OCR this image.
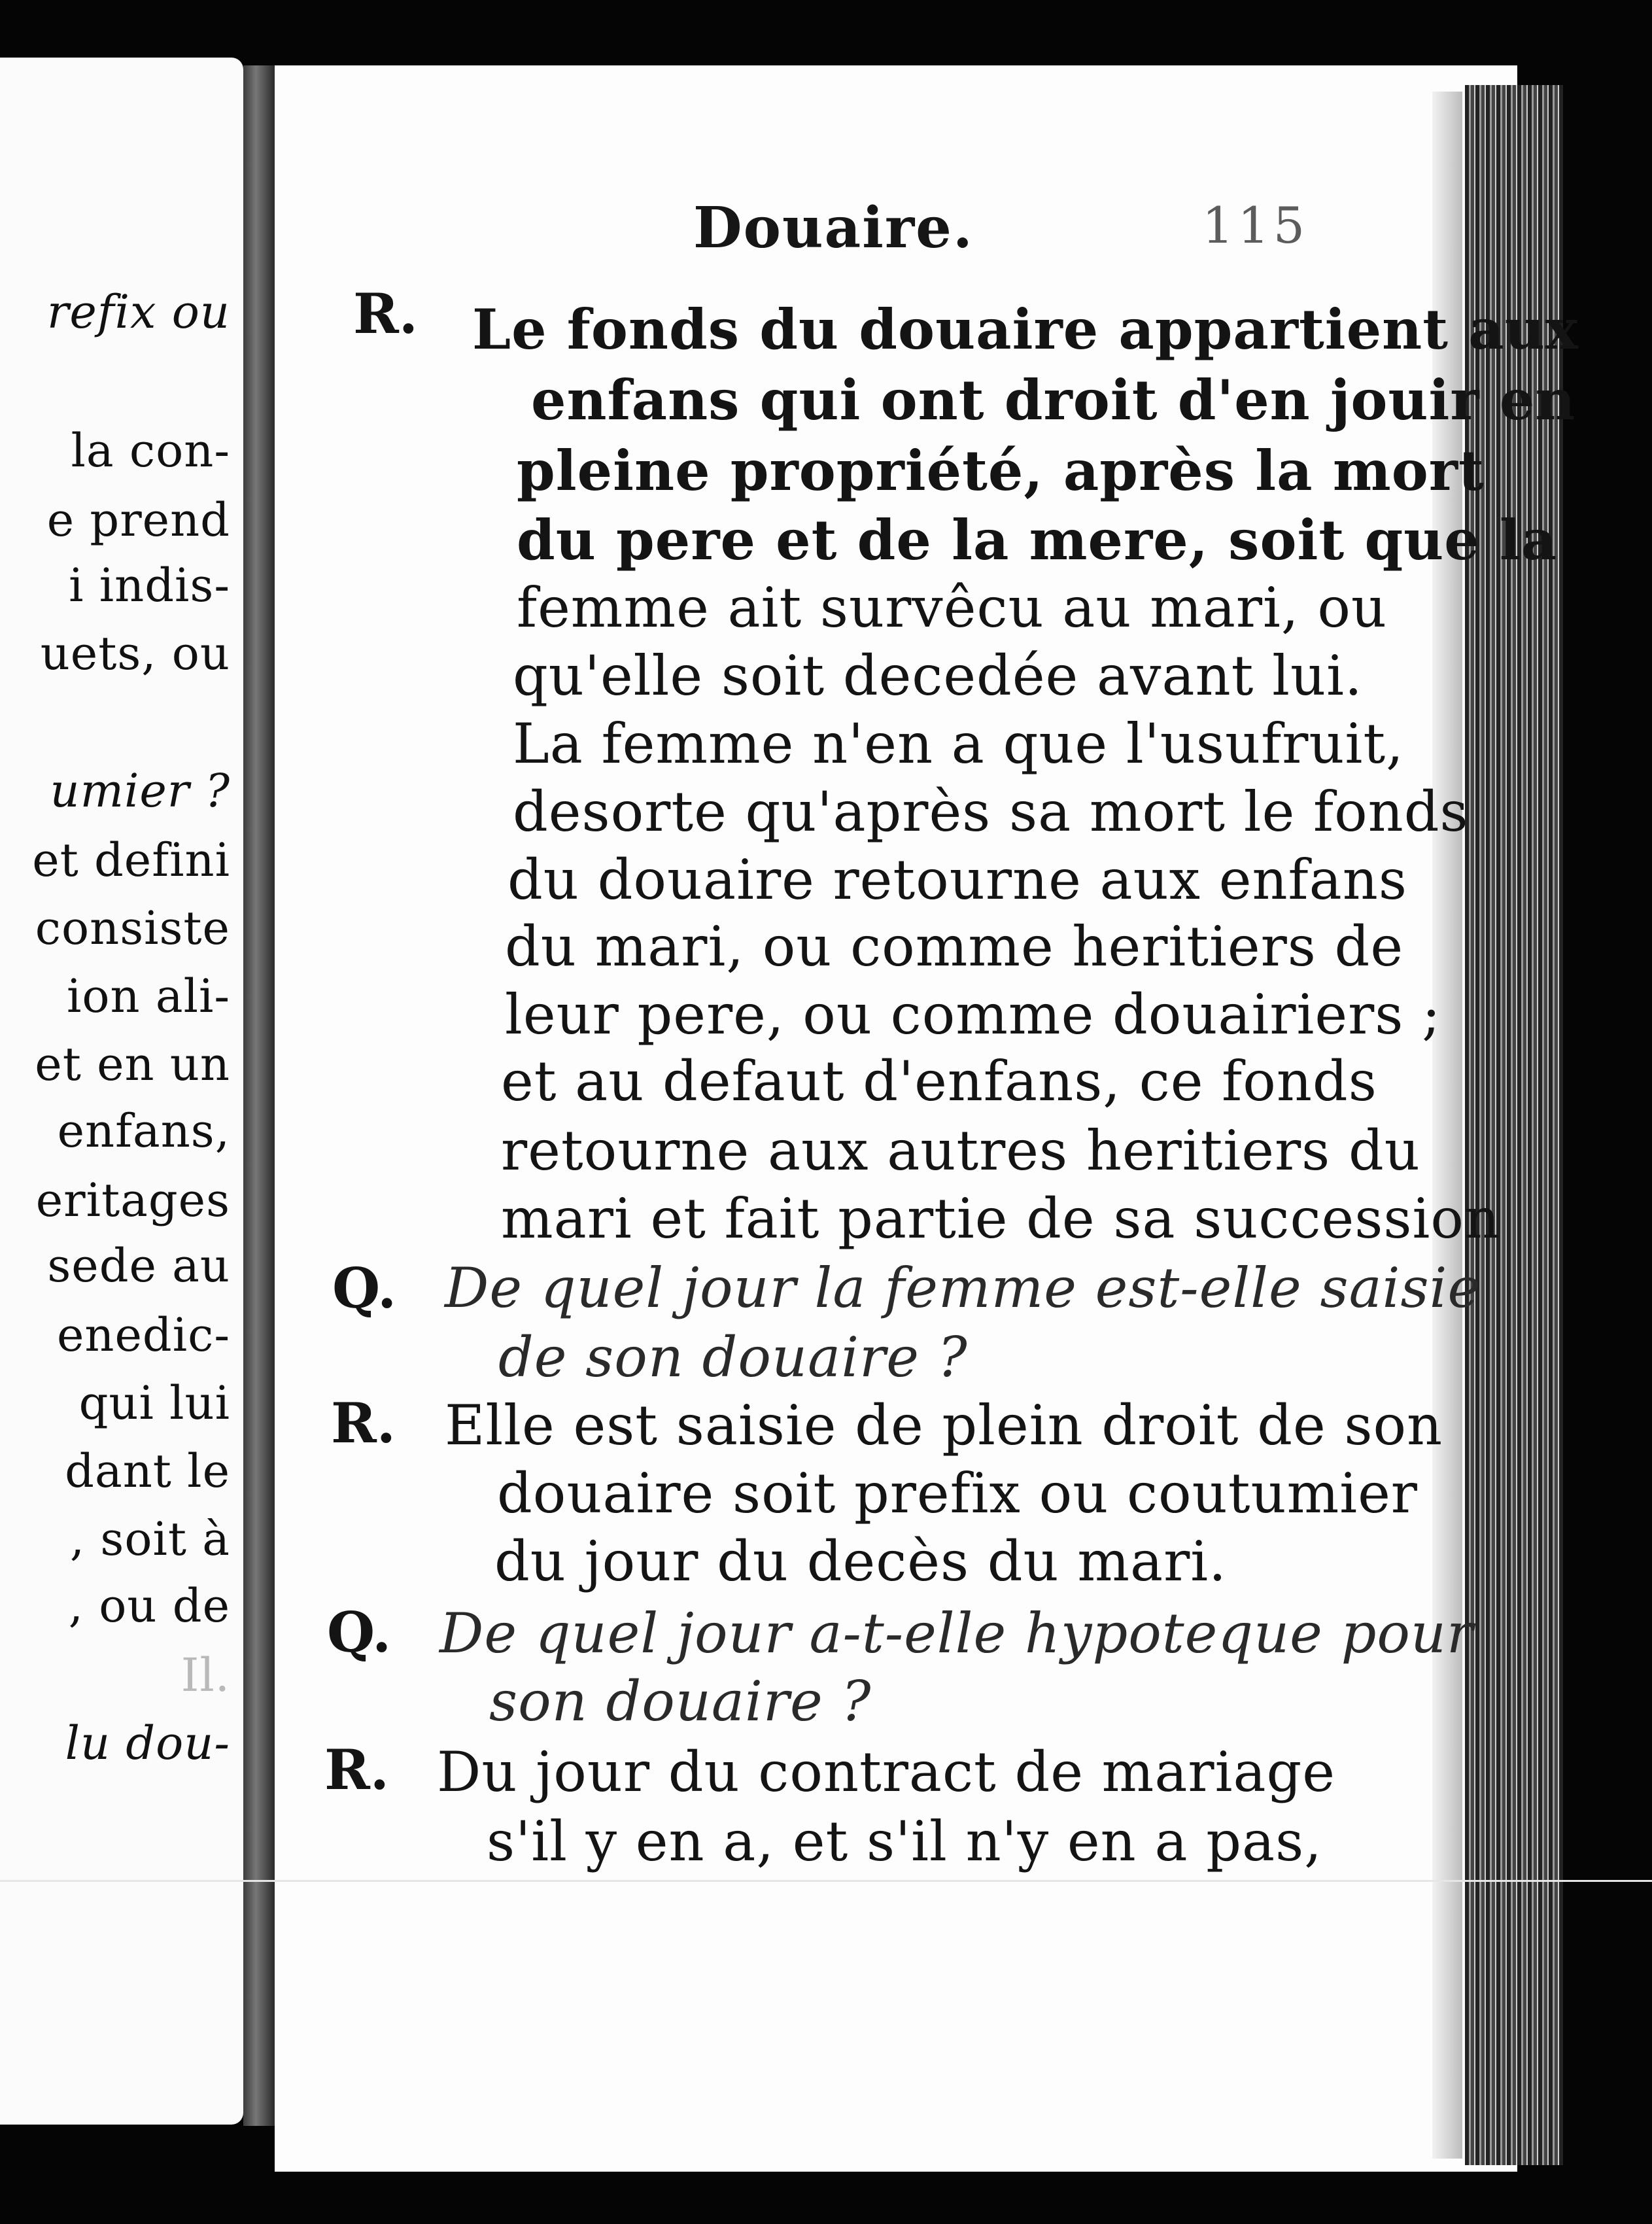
refix ou
la con-
e prend
i indis-
uets, ou
umier ?
et defini
consiste
ion ali-
et en un
enfans,
eritages
sede au
enedic-
qui lui
dant le
, soit à
, ou de
Il.
lu dou-
Douaire.	115
R. Le fonds du douaire appartient aux
enfans qui ont droit d'en jouir en
pleine propriété, après la mort
du pere et de la mere, soit que la
femme ait survêcu au mari, ou
qu'elle soit decedée avant lui.
La femme n'en a que l'usufruit,
desorte qu'après sa mort le fonds
du douaire retourne aux enfans
du mari, ou comme heritiers de
leur pere, ou comme douairiers ;
et au defaut d'enfans, ce fonds
retourne aux autres heritiers du
mari et fait partie de sa succession
Q. De quel jour la femme est-elle saisie
de son douaire ?
R. Elle est saisie de plein droit de son
douaire soit prefix ou coutumier
du jour du decès du mari.
Q. De quel jour a-t-elle hypoteque pour
son douaire ?
R. Du jour du contract de mariage
s'il y en a, et s'il n'y en a pas,
